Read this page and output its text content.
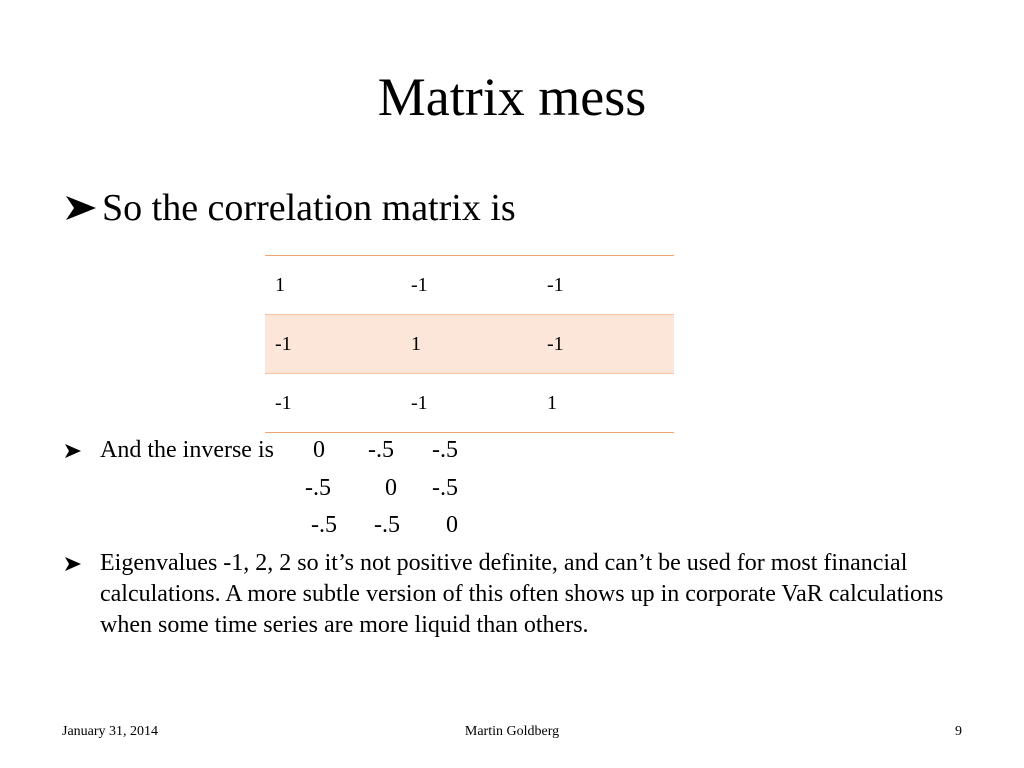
Matrix mess
So the correlation matrix is
1	-1	-1
-1	1	-1
-1	-1	1
And the inverse is 0 -.5 -.5
-.5 0 -.5
-.5 -.5 0
Eigenvalues -1, 2, 2 so it’s not positive definite, and can’t be used for most financial calculations. A more subtle version of this often shows up in corporate VaR calculations when some time series are more liquid than others.
January 31, 2014	Martin Goldberg	9
